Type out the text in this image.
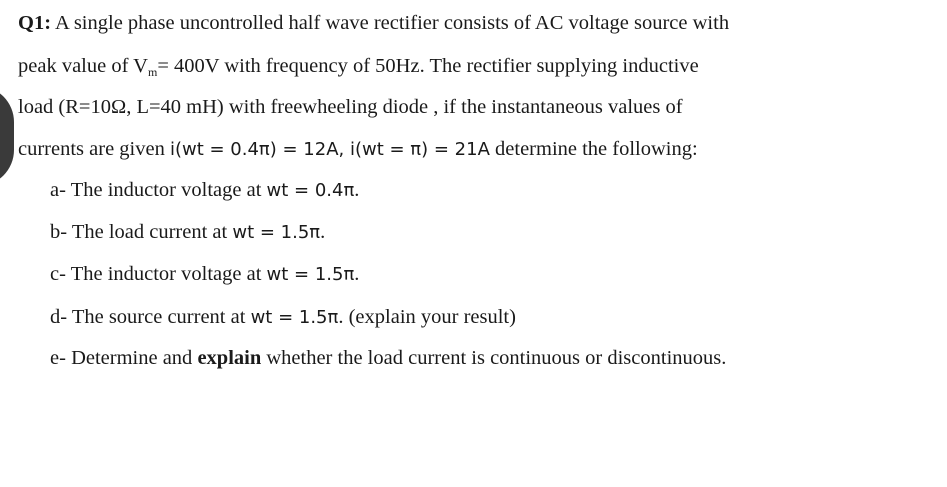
Q1: A single phase uncontrolled half wave rectifier consists of AC voltage source with
peak value of $V_m= 400V$ with frequency of 50Hz. The rectifier supplying inductive
load (R=10Ω, L=40 mH) with freewheeling diode , if the instantaneous values of
currents are given i(wt = 0.4π) = 12A, i(wt = π) = 21A determine the following:
a- The inductor voltage at wt = 0.4π.
b- The load current at wt = 1.5π.
c- The inductor voltage at wt = 1.5π.
d- The source current at wt = 1.5π. (explain your result)
e- Determine and explain whether the load current is continuous or discontinuous.
